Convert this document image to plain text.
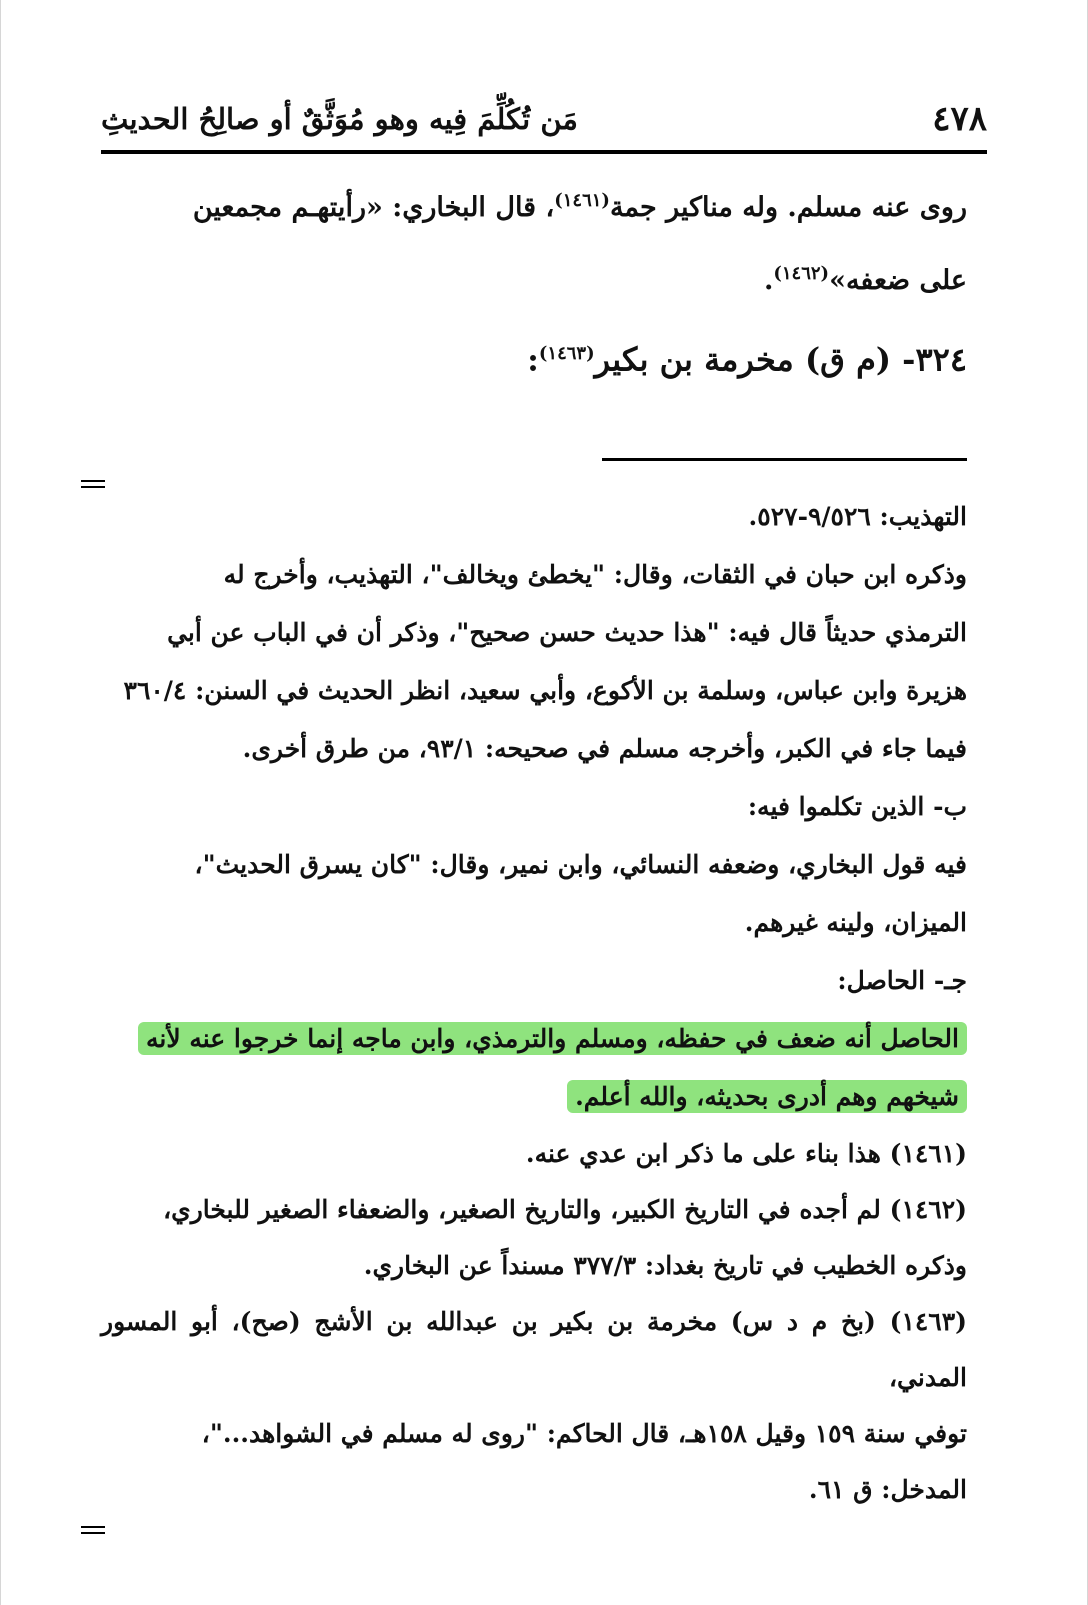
٤٧٨
مَن تُكُلِّمَ فِيه وهو مُوَثَّقٌ أو صالِحُ الحديثِ

روى عنه مسلم. وله مناكير جمة$^{(١٤٦١)}$، قال البخاري: «رأيتهـم مجمعين

على ضعفه»$^{(١٤٦٢)}$.

٣٢٤- (م ق) مخرمة بن بكير$^{(١٤٦٣)}$:

التهذيب: ٩/٥٢٦-٥٢٧.

وذكره ابن حبان في الثقات، وقال: "يخطئ ويخالف"، التهذيب، وأخرج له

الترمذي حديثاً قال فيه: "هذا حديث حسن صحيح"، وذكر أن في الباب عن أبي

هزيرة وابن عباس، وسلمة بن الأكوع، وأبي سعيد، انظر الحديث في السنن: ٣٦٠/٤

فيما جاء في الكبر، وأخرجه مسلم في صحيحه: ٩٣/١، من طرق أخرى.

ب- الذين تكلموا فيه:

فيه قول البخاري، وضعفه النسائي، وابن نمير، وقال: "كان يسرق الحديث"،

الميزان، ولينه غيرهم.

جـ- الحاصل:

الحاصل أنه ضعف في حفظه، ومسلم والترمذي، وابن ماجه إنما خرجوا عنه لأنه

شيخهم وهم أدرى بحديثه، والله أعلم.

(١٤٦١) هذا بناء على ما ذكر ابن عدي عنه.

(١٤٦٢) لم أجده في التاريخ الكبير، والتاريخ الصغير، والضعفاء الصغير للبخاري،

وذكره الخطيب في تاريخ بغداد: ٣٧٧/٣ مسنداً عن البخاري.

(١٤٦٣) (بخ م د س) مخرمة بن بكير بن عبدالله بن الأشج (صح)، أبو المسور المدني،

توفي سنة ١٥٩ وقيل ١٥٨هـ، قال الحاكم: "روى له مسلم في الشواهد..."،

المدخل: ق ٦١.
